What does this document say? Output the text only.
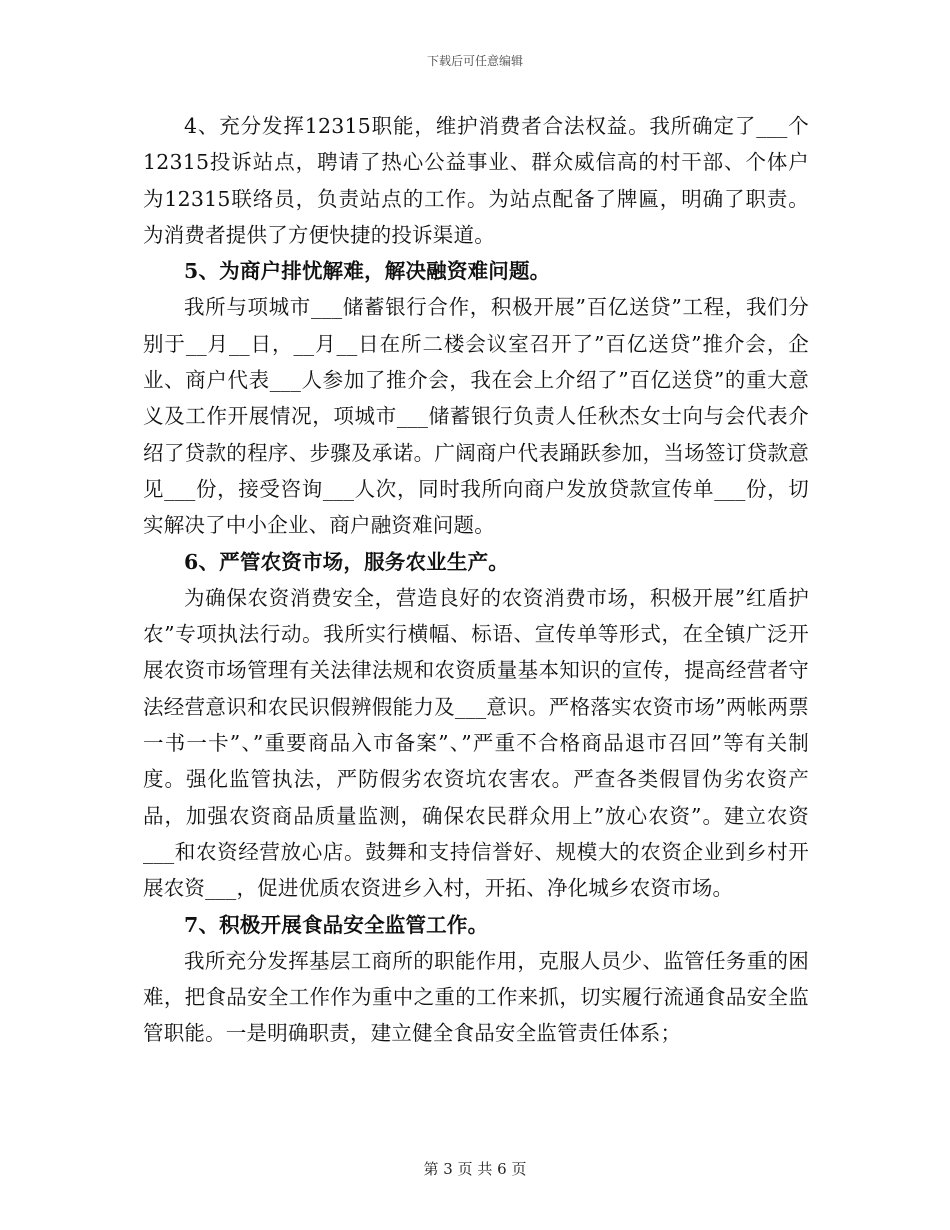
下载后可任意编辑

4、充分发挥12315职能，维护消费者合法权益。我所确定了___个12315投诉站点，聘请了热心公益事业、群众威信高的村干部、个体户为12315联络员，负责站点的工作。为站点配备了牌匾，明确了职责。为消费者提供了方便快捷的投诉渠道。

5、为商户排忧解难，解决融资难问题。

我所与项城市___储蓄银行合作，积极开展”百亿送贷”工程，我们分别于__月__日，__月__日在所二楼会议室召开了”百亿送贷”推介会，企业、商户代表___人参加了推介会，我在会上介绍了”百亿送贷”的重大意义及工作开展情况，项城市___储蓄银行负责人任秋杰女士向与会代表介绍了贷款的程序、步骤及承诺。广阔商户代表踊跃参加，当场签订贷款意见___份，接受咨询___人次，同时我所向商户发放贷款宣传单___份，切实解决了中小企业、商户融资难问题。

6、严管农资市场，服务农业生产。

为确保农资消费安全，营造良好的农资消费市场，积极开展”红盾护农”专项执法行动。我所实行横幅、标语、宣传单等形式，在全镇广泛开展农资市场管理有关法律法规和农资质量基本知识的宣传，提高经营者守法经营意识和农民识假辨假能力及___意识。严格落实农资市场”两帐两票一书一卡”、”重要商品入市备案”、”严重不合格商品退市召回”等有关制度。强化监管执法，严防假劣农资坑农害农。严查各类假冒伪劣农资产品，加强农资商品质量监测，确保农民群众用上”放心农资”。建立农资___和农资经营放心店。鼓舞和支持信誉好、规模大的农资企业到乡村开展农资___，促进优质农资进乡入村，开拓、净化城乡农资市场。

7、积极开展食品安全监管工作。

我所充分发挥基层工商所的职能作用，克服人员少、监管任务重的困难，把食品安全工作作为重中之重的工作来抓，切实履行流通食品安全监管职能。一是明确职责，建立健全食品安全监管责任体系；

第 3 页 共 6 页
